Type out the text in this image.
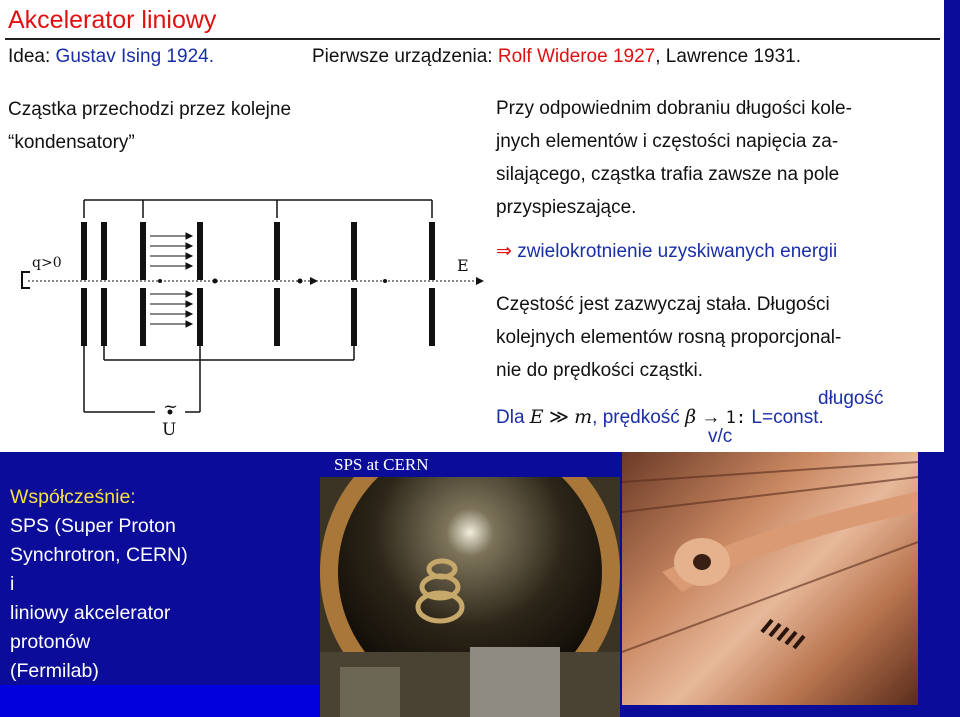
Akcelerator liniowy
Idea: Gustav Ising 1924.	Pierwsze urządzenia: Rolf Wideroe 1927, Lawrence 1931.
Cząstka przechodzi przez kolejne
“kondensatory”
q>0	E
~
U
Przy odpowiednim dobraniu długości kole-
jnych elementów i częstości napięcia za-
silającego, cząstka trafia zawsze na pole
przyspieszające.
⇒ zwielokrotnienie uzyskiwanych energii
Częstość jest zazwyczaj stała. Długości
kolejnych elementów rosną proporcjonal-
nie do prędkości cząstki.
długość
Dla E ≫ m, prędkość β → 1: L=const.
v/c
Współcześnie:
SPS (Super Proton
Synchrotron, CERN)
i
liniowy akcelerator
protonów
(Fermilab)
SPS at CERN
